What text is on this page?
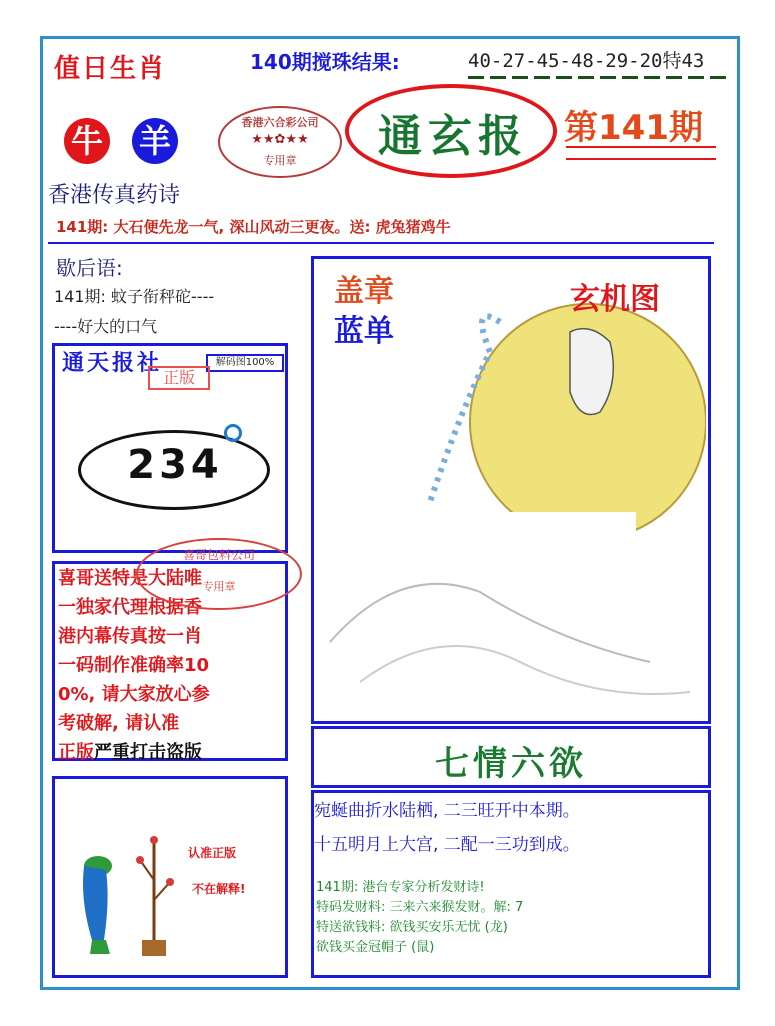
值日生肖	140期搅珠结果:	40-27-45-48-29-20特43
牛 羊	香港六合彩公司
★★✿★★
专用章	通玄报	第141期
香港传真药诗
141期: 大石便先龙一气, 深山风动三更夜。送: 虎兔猪鸡牛
歇后语:
141期: 蚊子衔秤砣----
----好大的口气
通天报社	解码图100%
正版
234
喜哥送特是大陆唯
一独家代理根据香
港内幕传真按一肖
一码制作准确率10
0%, 请大家放心参
考破解, 请认准
正版严重打击盗版
喜哥包料公司
专用章
认准正版
不在解释!
盖章
蓝单
玄机图
七情六欲
宛蜒曲折水陆栖, 二三旺开中本期。
十五明月上大宫, 二配一三功到成。
141期: 港台专家分析发财诗!
特码发财料: 三来六来猴发财。解: 7
特送欲钱料: 欲钱买安乐无忧 (龙)
欲钱买金冠帽子 (鼠)
